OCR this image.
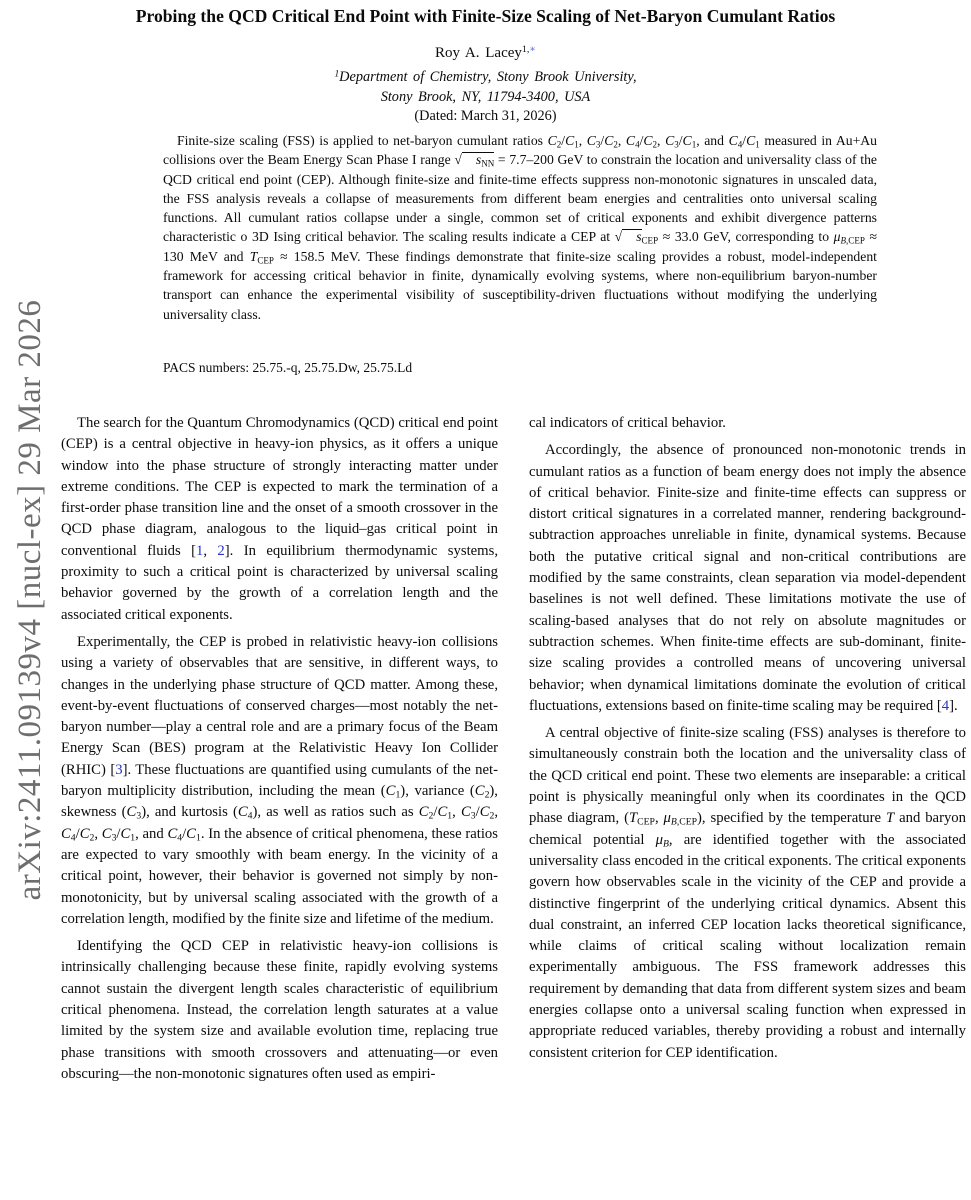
arXiv:2411.09139v4 [nucl-ex] 29 Mar 2026
Probing the QCD Critical End Point with Finite-Size Scaling of Net-Baryon Cumulant Ratios
Roy A. Lacey$^{1,∗}$
$^1$Department of Chemistry, Stony Brook University,
Stony Brook, NY, 11794-3400, USA
(Dated: March 31, 2026)
Finite-size scaling (FSS) is applied to net-baryon cumulant ratios $C_2/C_1$, $C_3/C_2$, $C_4/C_2$, $C_3/C_1$, and $C_4/C_1$ measured in Au+Au collisions over the Beam Energy Scan Phase I range √ $s_{NN} = 7.7-200$ GeV to constrain the location and universality class of the QCD critical end point (CEP). Although finite-size and finite-time effects suppress non-monotonic signatures in unscaled data, the FSS analysis reveals a collapse of measurements from different beam energies and centralities onto universal scaling functions. All cumulant ratios collapse under a single, common set of critical exponents and exhibit divergence patterns characteristic o 3D Ising critical behavior. The scaling results indicate a CEP at √ $s_{CEP} \approx 33.0$ GeV, corresponding to $\mu_{B,CEP} \approx 130$ MeV and $T_{CEP} \approx 158.5$ MeV. These findings demonstrate that finite-size scaling provides a robust, model-independent framework for accessing critical behavior in finite, dynamically evolving systems, where non-equilibrium baryon-number transport can enhance the experimental visibility of susceptibility-driven fluctuations without modifying the underlying universality class.
PACS numbers: 25.75.-q, 25.75.Dw, 25.75.Ld

The search for the Quantum Chromodynamics (QCD) critical end point (CEP) is a central objective in heavy-ion physics, as it offers a unique window into the phase structure of strongly interacting matter under extreme conditions. The CEP is expected to mark the termination of a first-order phase transition line and the onset of a smooth crossover in the QCD phase diagram, analogous to the liquid–gas critical point in conventional fluids [1, 2]. In equilibrium thermodynamic systems, proximity to such a critical point is characterized by universal scaling behavior governed by the growth of a correlation length and the associated critical exponents.

Experimentally, the CEP is probed in relativistic heavy-ion collisions using a variety of observables that are sensitive, in different ways, to changes in the underlying phase structure of QCD matter. Among these, event-by-event fluctuations of conserved charges—most notably the net-baryon number—play a central role and are a primary focus of the Beam Energy Scan (BES) program at the Relativistic Heavy Ion Collider (RHIC) [3]. These fluctuations are quantified using cumulants of the net-baryon multiplicity distribution, including the mean $(C_1)$, variance $(C_2)$, skewness $(C_3)$, and kurtosis $(C_4)$, as well as ratios such as $C_2/C_1$, $C_3/C_2$, $C_4/C_2$, $C_3/C_1$, and $C_4/C_1$. In the absence of critical phenomena, these ratios are expected to vary smoothly with beam energy. In the vicinity of a critical point, however, their behavior is governed not simply by non-monotonicity, but by universal scaling associated with the growth of a correlation length, modified by the finite size and lifetime of the medium.

Identifying the QCD CEP in relativistic heavy-ion collisions is intrinsically challenging because these finite, rapidly evolving systems cannot sustain the divergent length scales characteristic of equilibrium critical phenomena. Instead, the correlation length saturates at a value limited by the system size and available evolution time, replacing true phase transitions with smooth crossovers and attenuating—or even obscuring—the non-monotonic signatures often used as empiri-

cal indicators of critical behavior.

Accordingly, the absence of pronounced non-monotonic trends in cumulant ratios as a function of beam energy does not imply the absence of critical behavior. Finite-size and finite-time effects can suppress or distort critical signatures in a correlated manner, rendering background-subtraction approaches unreliable in finite, dynamical systems. Because both the putative critical signal and non-critical contributions are modified by the same constraints, clean separation via model-dependent baselines is not well defined. These limitations motivate the use of scaling-based analyses that do not rely on absolute magnitudes or subtraction schemes. When finite-time effects are sub-dominant, finite-size scaling provides a controlled means of uncovering universal behavior; when dynamical limitations dominate the evolution of critical fluctuations, extensions based on finite-time scaling may be required [4].

A central objective of finite-size scaling (FSS) analyses is therefore to simultaneously constrain both the location and the universality class of the QCD critical end point. These two elements are inseparable: a critical point is physically meaningful only when its coordinates in the QCD phase diagram, ($T_{CEP}$, $\mu_{B,CEP}$), specified by the temperature T and baryon chemical potential $\mu_B$, are identified together with the associated universality class encoded in the critical exponents. The critical exponents govern how observables scale in the vicinity of the CEP and provide a distinctive fingerprint of the underlying critical dynamics. Absent this dual constraint, an inferred CEP location lacks theoretical significance, while claims of critical scaling without localization remain experimentally ambiguous. The FSS framework addresses this requirement by demanding that data from different system sizes and beam energies collapse onto a universal scaling function when expressed in appropriate reduced variables, thereby providing a robust and internally consistent criterion for CEP identification.
